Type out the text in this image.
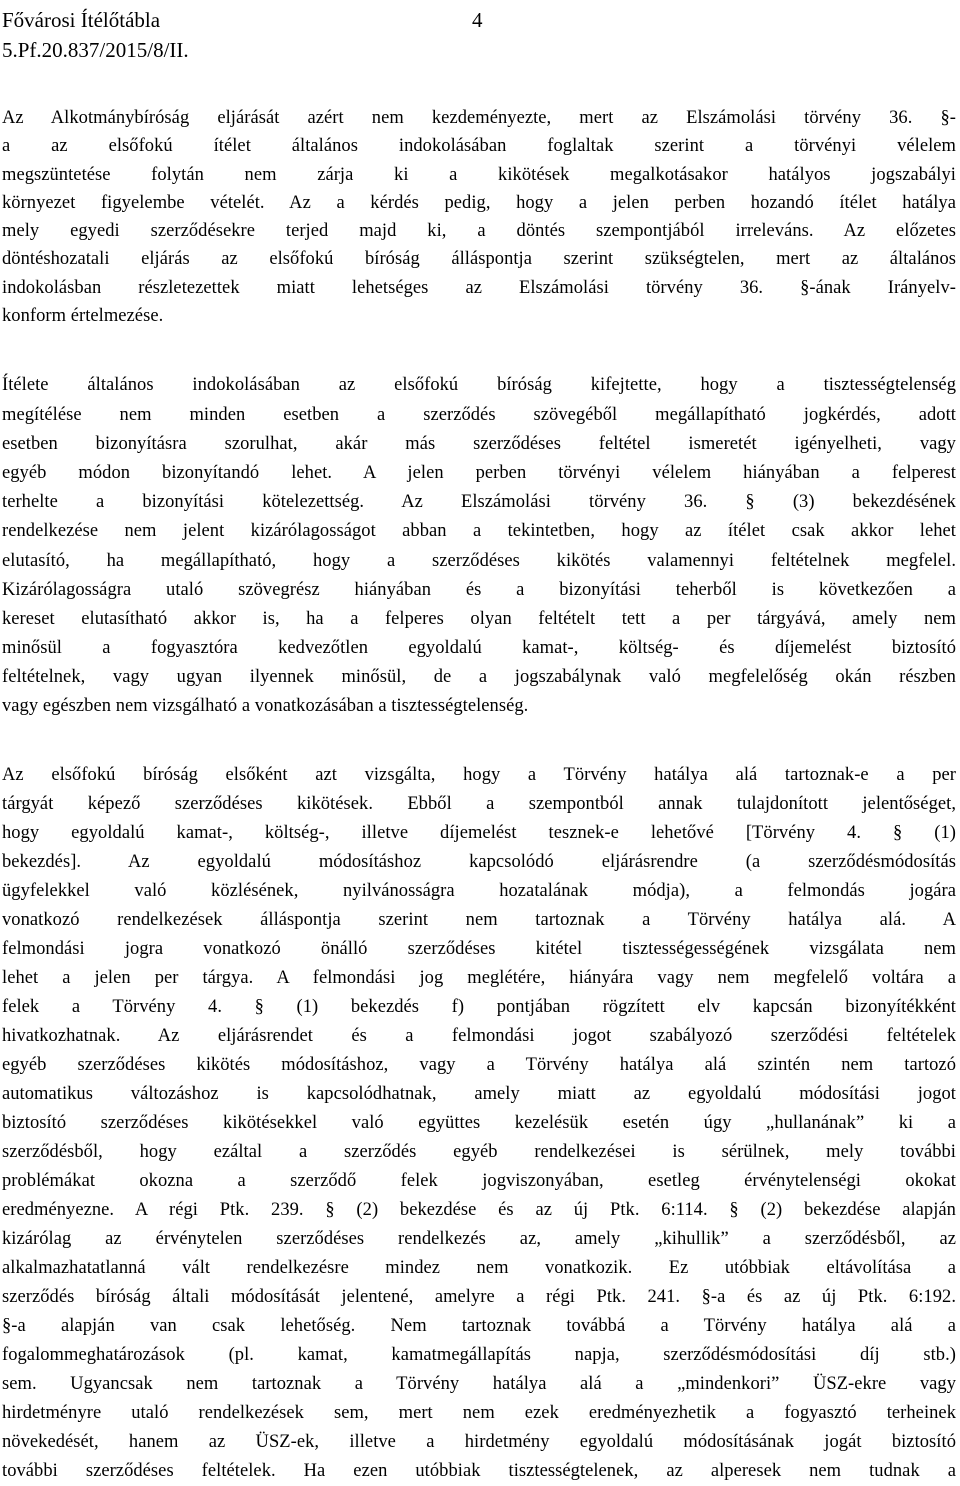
Fővárosi Ítélőtábla	4
5.Pf.20.837/2015/8/II.
Az Alkotmánybíróság eljárását azért nem kezdeményezte, mert az Elszámolási törvény 36. §-
a az elsőfokú ítélet általános indokolásában foglaltak szerint a törvényi vélelem
megszüntetése folytán nem zárja ki a kikötések megalkotásakor hatályos jogszabályi
környezet figyelembe vételét. Az a kérdés pedig, hogy a jelen perben hozandó ítélet hatálya
mely egyedi szerződésekre terjed majd ki, a döntés szempontjából irreleváns. Az előzetes
döntéshozatali eljárás az elsőfokú bíróság álláspontja szerint szükségtelen, mert az általános
indokolásban részletezettek miatt lehetséges az Elszámolási törvény 36. §-ának Irányelv-
konform értelmezése.
Ítélete általános indokolásában az elsőfokú bíróság kifejtette, hogy a tisztességtelenség
megítélése nem minden esetben a szerződés szövegéből megállapítható jogkérdés, adott
esetben bizonyításra szorulhat, akár más szerződéses feltétel ismeretét igényelheti, vagy
egyéb módon bizonyítandó lehet. A jelen perben törvényi vélelem hiányában a felperest
terhelte a bizonyítási kötelezettség. Az Elszámolási törvény 36. § (3) bekezdésének
rendelkezése nem jelent kizárólagosságot abban a tekintetben, hogy az ítélet csak akkor lehet
elutasító, ha megállapítható, hogy a szerződéses kikötés valamennyi feltételnek megfelel.
Kizárólagosságra utaló szövegrész hiányában és a bizonyítási teherből is következően a
kereset elutasítható akkor is, ha a felperes olyan feltételt tett a per tárgyává, amely nem
minősül a fogyasztóra kedvezőtlen egyoldalú kamat-, költség- és díjemelést biztosító
feltételnek, vagy ugyan ilyennek minősül, de a jogszabálynak való megfelelőség okán részben
vagy egészben nem vizsgálható a vonatkozásában a tisztességtelenség.
Az elsőfokú bíróság elsőként azt vizsgálta, hogy a Törvény hatálya alá tartoznak-e a per
tárgyát képező szerződéses kikötések. Ebből a szempontból annak tulajdonított jelentőséget,
hogy egyoldalú kamat-, költség-, illetve díjemelést tesznek-e lehetővé [Törvény 4. § (1)
bekezdés]. Az egyoldalú módosításhoz kapcsolódó eljárásrendre (a szerződésmódosítás
ügyfelekkel való közlésének, nyilvánosságra hozatalának módja), a felmondás jogára
vonatkozó rendelkezések álláspontja szerint nem tartoznak a Törvény hatálya alá. A
felmondási jogra vonatkozó önálló szerződéses kitétel tisztességességének vizsgálata nem
lehet a jelen per tárgya. A felmondási jog meglétére, hiányára vagy nem megfelelő voltára a
felek a Törvény 4. § (1) bekezdés f) pontjában rögzített elv kapcsán bizonyítékként
hivatkozhatnak. Az eljárásrendet és a felmondási jogot szabályozó szerződési feltételek
egyéb szerződéses kikötés módosításhoz, vagy a Törvény hatálya alá szintén nem tartozó
automatikus változáshoz is kapcsolódhatnak, amely miatt az egyoldalú módosítási jogot
biztosító szerződéses kikötésekkel való együttes kezelésük esetén úgy „hullanának” ki a
szerződésből, hogy ezáltal a szerződés egyéb rendelkezései is sérülnek, mely további
problémákat okozna a szerződő felek jogviszonyában, esetleg érvénytelenségi okokat
eredményezne. A régi Ptk. 239. § (2) bekezdése és az új Ptk. 6:114. § (2) bekezdése alapján
kizárólag az érvénytelen szerződéses rendelkezés az, amely „kihullik” a szerződésből, az
alkalmazhatatlanná vált rendelkezésre mindez nem vonatkozik. Ez utóbbiak eltávolítása a
szerződés bíróság általi módosítását jelentené, amelyre a régi Ptk. 241. §-a és az új Ptk. 6:192.
§-a alapján van csak lehetőség. Nem tartoznak továbbá a Törvény hatálya alá a
fogalommeghatározások (pl. kamat, kamatmegállapítás napja, szerződésmódosítási díj stb.)
sem. Ugyancsak nem tartoznak a Törvény hatálya alá a „mindenkori” ÜSZ-ekre vagy
hirdetményre utaló rendelkezések sem, mert nem ezek eredményezhetik a fogyasztó terheinek
növekedését, hanem az ÜSZ-ek, illetve a hirdetmény egyoldalú módosításának jogát biztosító
további szerződéses feltételek. Ha ezen utóbbiak tisztességtelenek, az alperesek nem tudnak a
